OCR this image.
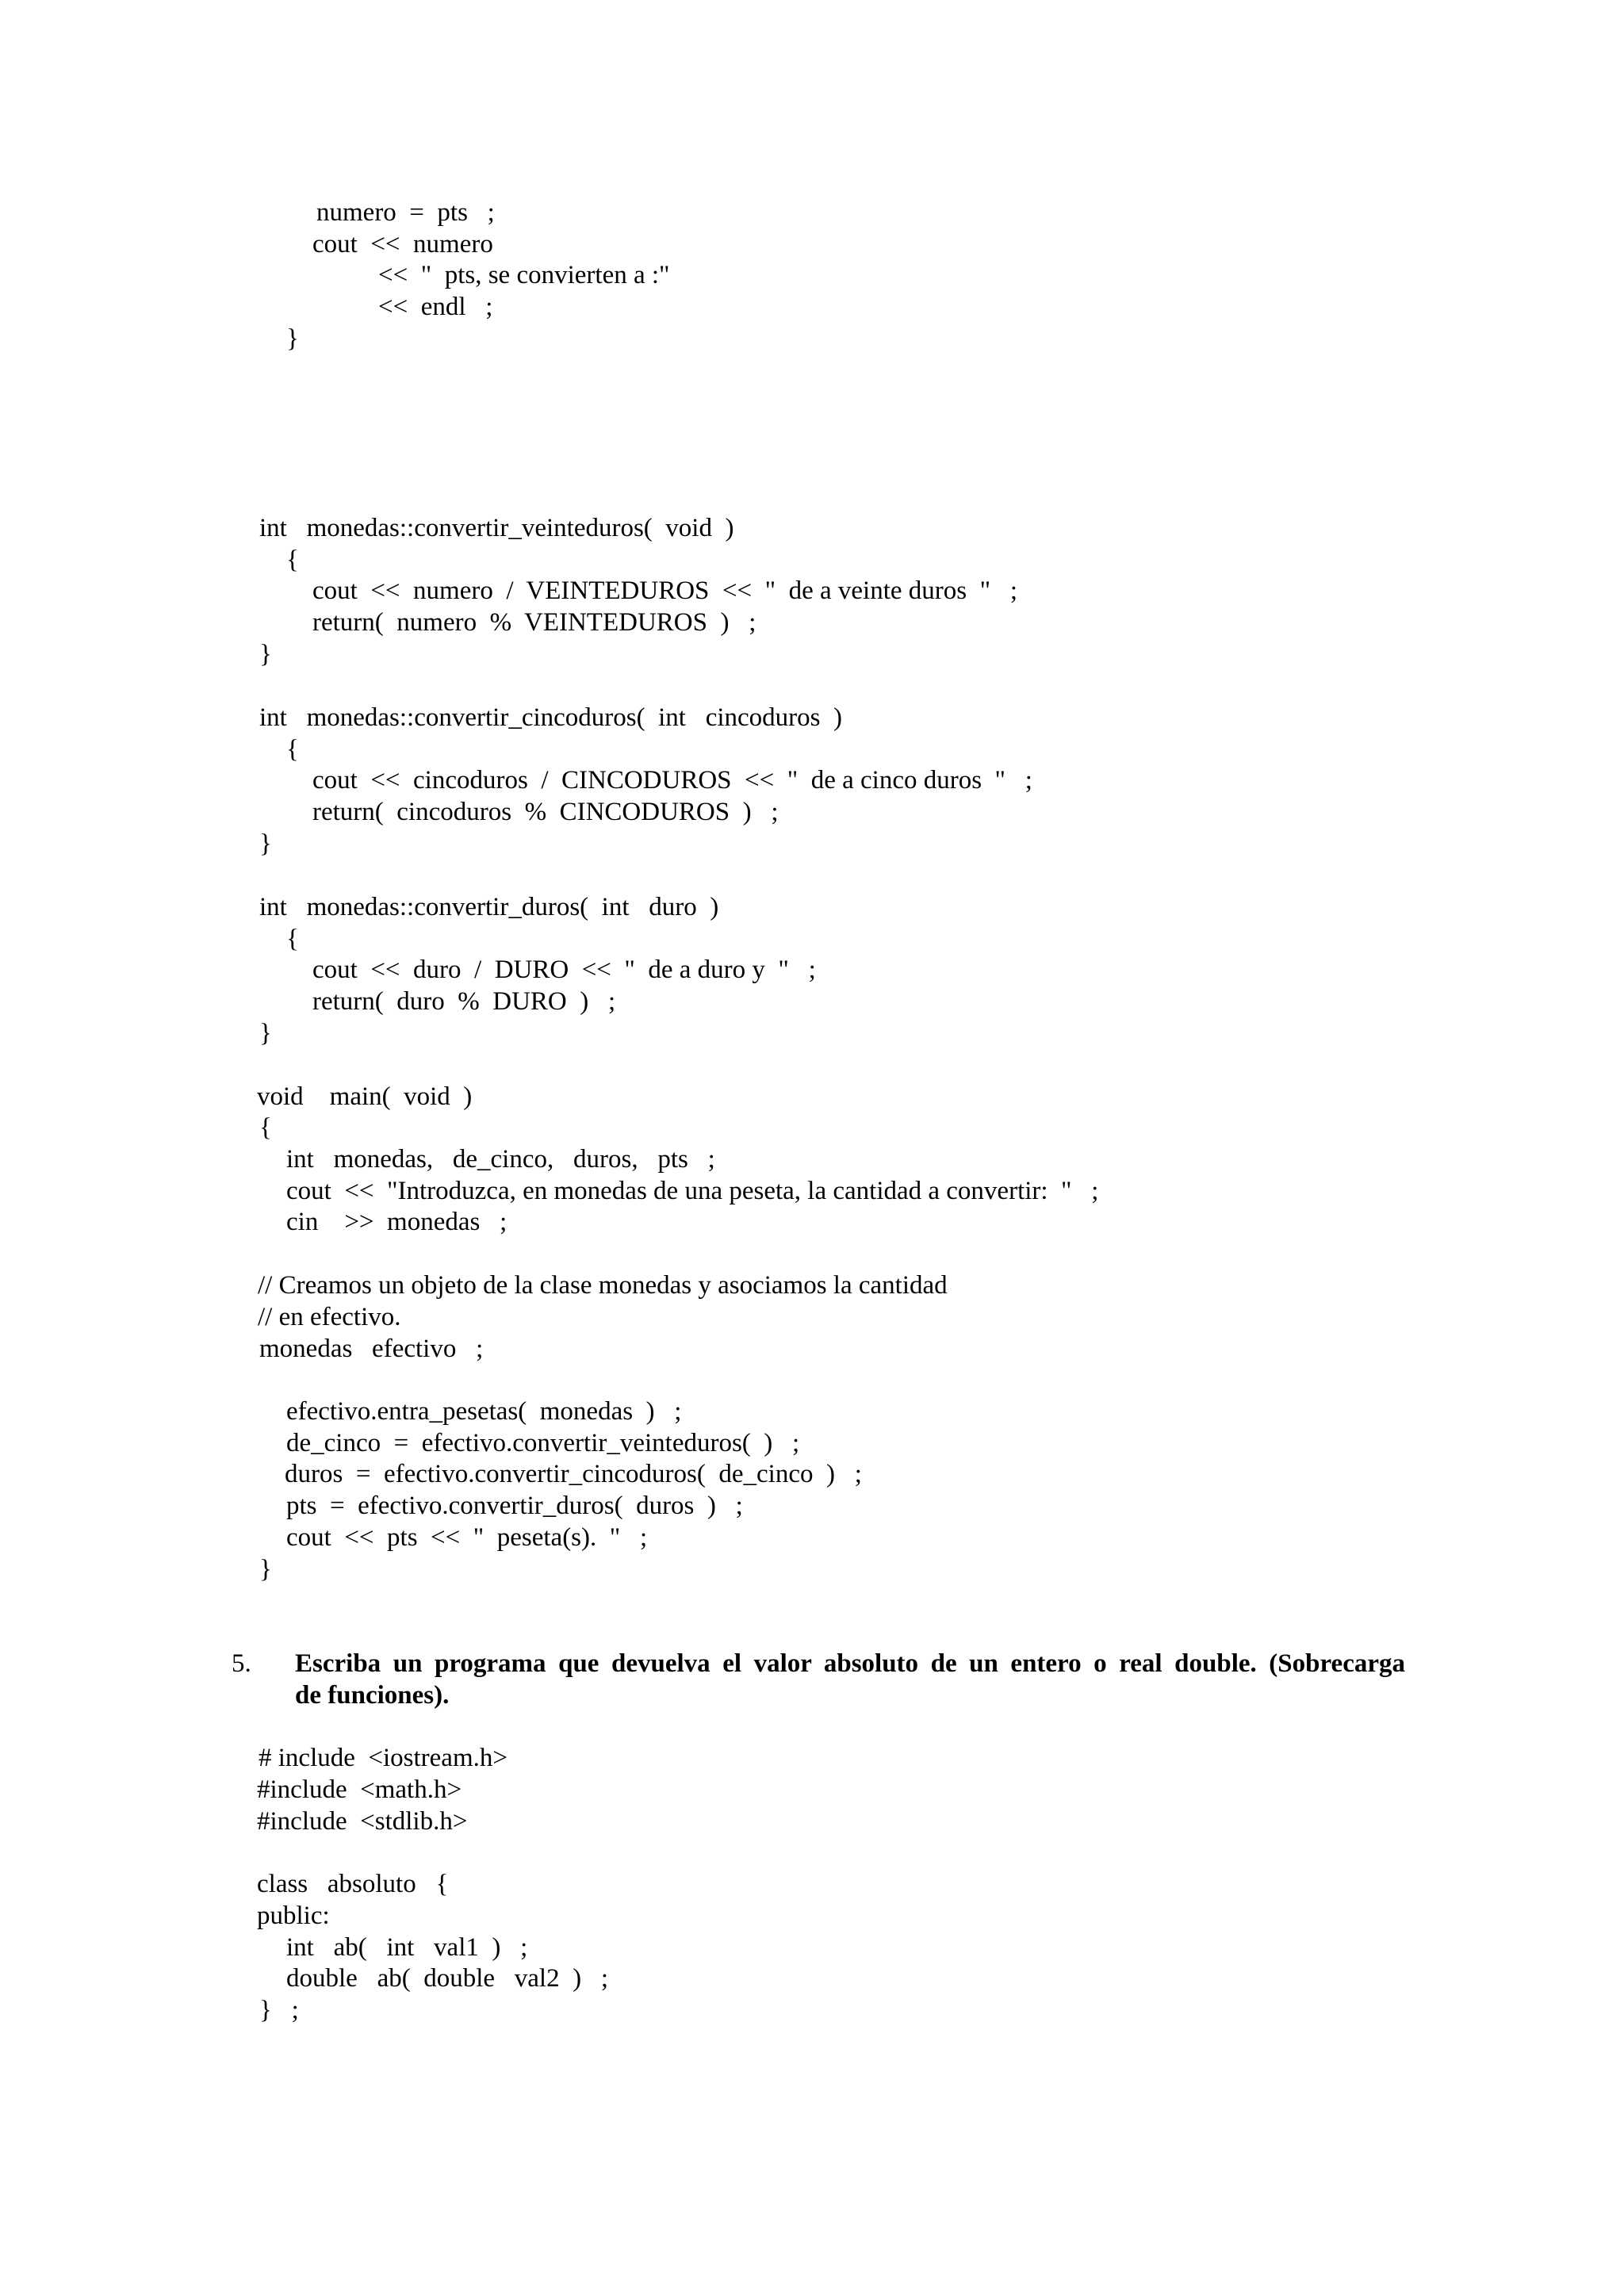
numero  =  pts   ;
cout  <<  numero
<<  "  pts, se convierten a :"
<<  endl   ;
}
int   monedas::convertir_veinteduros(  void  )
{
cout  <<  numero  /  VEINTEDUROS  <<  "  de a veinte duros  "   ;
return(  numero  %  VEINTEDUROS  )   ;
}
int   monedas::convertir_cincoduros(  int   cincoduros  )
{
cout  <<  cincoduros  /  CINCODUROS  <<  "  de a cinco duros  "   ;
return(  cincoduros  %  CINCODUROS  )   ;
}
int   monedas::convertir_duros(  int   duro  )
{
cout  <<  duro  /  DURO  <<  "  de a duro y  "   ;
return(  duro  %  DURO  )   ;
}
void    main(  void  )
{
int   monedas,   de_cinco,   duros,   pts   ;
cout  <<  "Introduzca, en monedas de una peseta, la cantidad a convertir:  "   ;
cin    >>  monedas   ;
// Creamos un objeto de la clase monedas y asociamos la cantidad
// en efectivo.
monedas   efectivo   ;
efectivo.entra_pesetas(  monedas  )   ;
de_cinco  =  efectivo.convertir_veinteduros(  )   ;
duros  =  efectivo.convertir_cincoduros(  de_cinco  )   ;
pts  =  efectivo.convertir_duros(  duros  )   ;
cout  <<  pts  <<  "  peseta(s).  "   ;
}
5. Escriba un programa que devuelva el valor absoluto de un entero o real double. (Sobrecarga
de funciones).
# include  <iostream.h>
#include  <math.h>
#include  <stdlib.h>
class   absoluto   {
public:
int   ab(   int   val1  )   ;
double   ab(  double   val2  )   ;
}   ;
